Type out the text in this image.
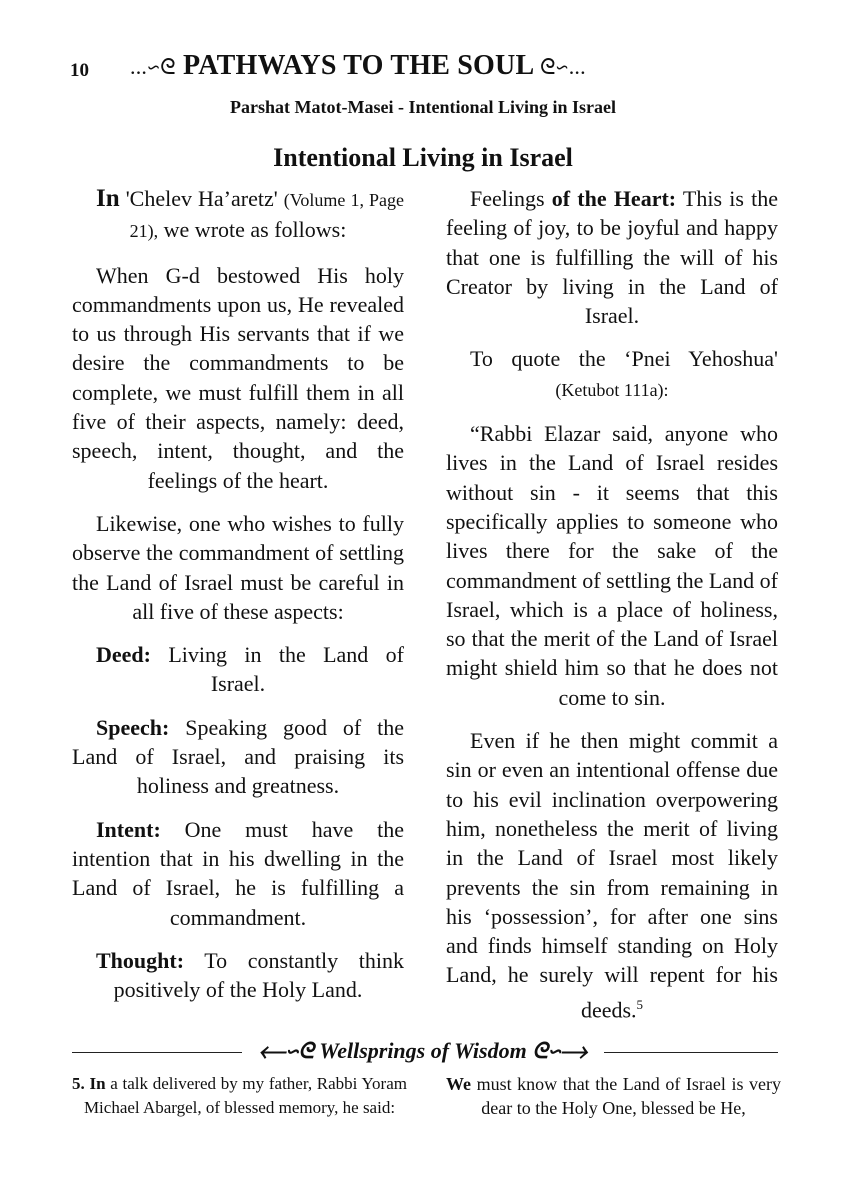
10 ...∽ᘓ PATHWAYS TO THE SOUL ᘓ∽...
Parshat Matot-Masei - Intentional Living in Israel
Intentional Living in Israel

In 'Chelev Ha’aretz' (Volume 1, Page 21), we wrote as follows:

When G-d bestowed His holy commandments upon us, He revealed to us through His servants that if we desire the commandments to be complete, we must fulfill them in all five of their aspects, namely: deed, speech, intent, thought, and the feelings of the heart.

Likewise, one who wishes to fully observe the commandment of settling the Land of Israel must be careful in all five of these aspects:

Deed: Living in the Land of Israel.

Speech: Speaking good of the Land of Israel, and praising its holiness and greatness.

Intent: One must have the intention that in his dwelling in the Land of Israel, he is fulfilling a commandment.

Thought: To constantly think positively of the Holy Land.

Feelings of the Heart: This is the feeling of joy, to be joyful and happy that one is fulfilling the will of his Creator by living in the Land of Israel.

To quote the ‘Pnei Yehoshua' (Ketubot 111a):

“Rabbi Elazar said, anyone who lives in the Land of Israel resides without sin - it seems that this specifically applies to someone who lives there for the sake of the commandment of settling the Land of Israel, which is a place of holiness, so that the merit of the Land of Israel might shield him so that he does not come to sin.

Even if he then might commit a sin or even an intentional offense due to his evil inclination overpowering him, nonetheless the merit of living in the Land of Israel most likely prevents the sin from remaining in his ‘possession’, for after one sins and finds himself standing on Holy Land, he surely will repent for his deeds.$^5$

⟵∽ᘓ Wellsprings of Wisdom ᘓ∽⟶
5. In a talk delivered by my father, Rabbi Yoram Michael Abargel, of blessed memory, he said:
We must know that the Land of Israel is very dear to the Holy One, blessed be He,
